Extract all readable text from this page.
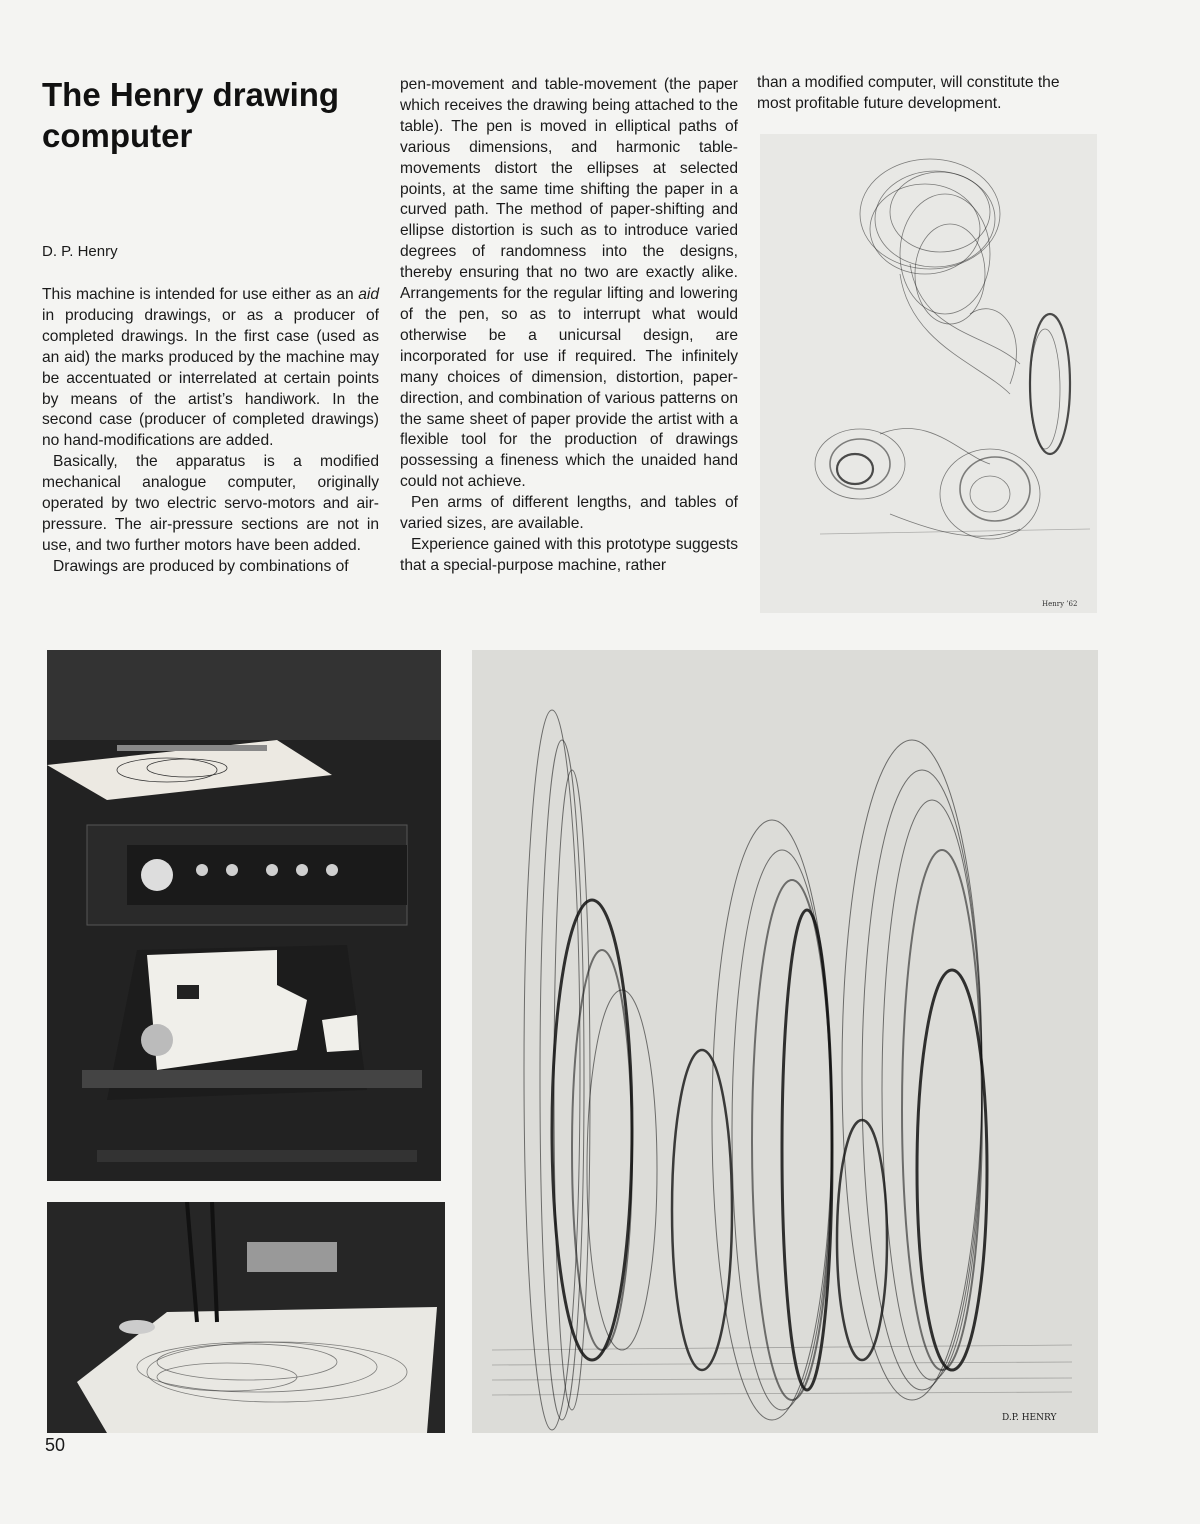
The Henry drawing computer

D. P. Henry

This machine is intended for use either as an aid in producing drawings, or as a producer of completed drawings. In the first case (used as an aid) the marks produced by the machine may be accentuated or interrelated at certain points by means of the artist’s handiwork. In the second case (producer of completed drawings) no hand-modifications are added.

Basically, the apparatus is a modified mechanical analogue computer, originally operated by two electric servo-motors and air-pressure. The air-pressure sections are not in use, and two further motors have been added.

Drawings are produced by combinations of

pen-movement and table-movement (the paper which receives the drawing being attached to the table). The pen is moved in elliptical paths of various dimensions, and harmonic table-movements distort the ellipses at selected points, at the same time shifting the paper in a curved path. The method of paper-shifting and ellipse distortion is such as to introduce varied degrees of randomness into the designs, thereby ensuring that no two are exactly alike. Arrangements for the regular lifting and lowering of the pen, so as to interrupt what would otherwise be a unicursal design, are incorporated for use if required. The infinitely many choices of dimension, distortion, paper-direction, and combination of various patterns on the same sheet of paper provide the artist with a flexible tool for the production of drawings possessing a fineness which the unaided hand could not achieve.

Pen arms of different lengths, and tables of varied sizes, are available.

Experience gained with this prototype suggests that a special-purpose machine, rather

than a modified computer, will constitute the most profitable future development.

Henry ’62
D.P. HENRY

50
